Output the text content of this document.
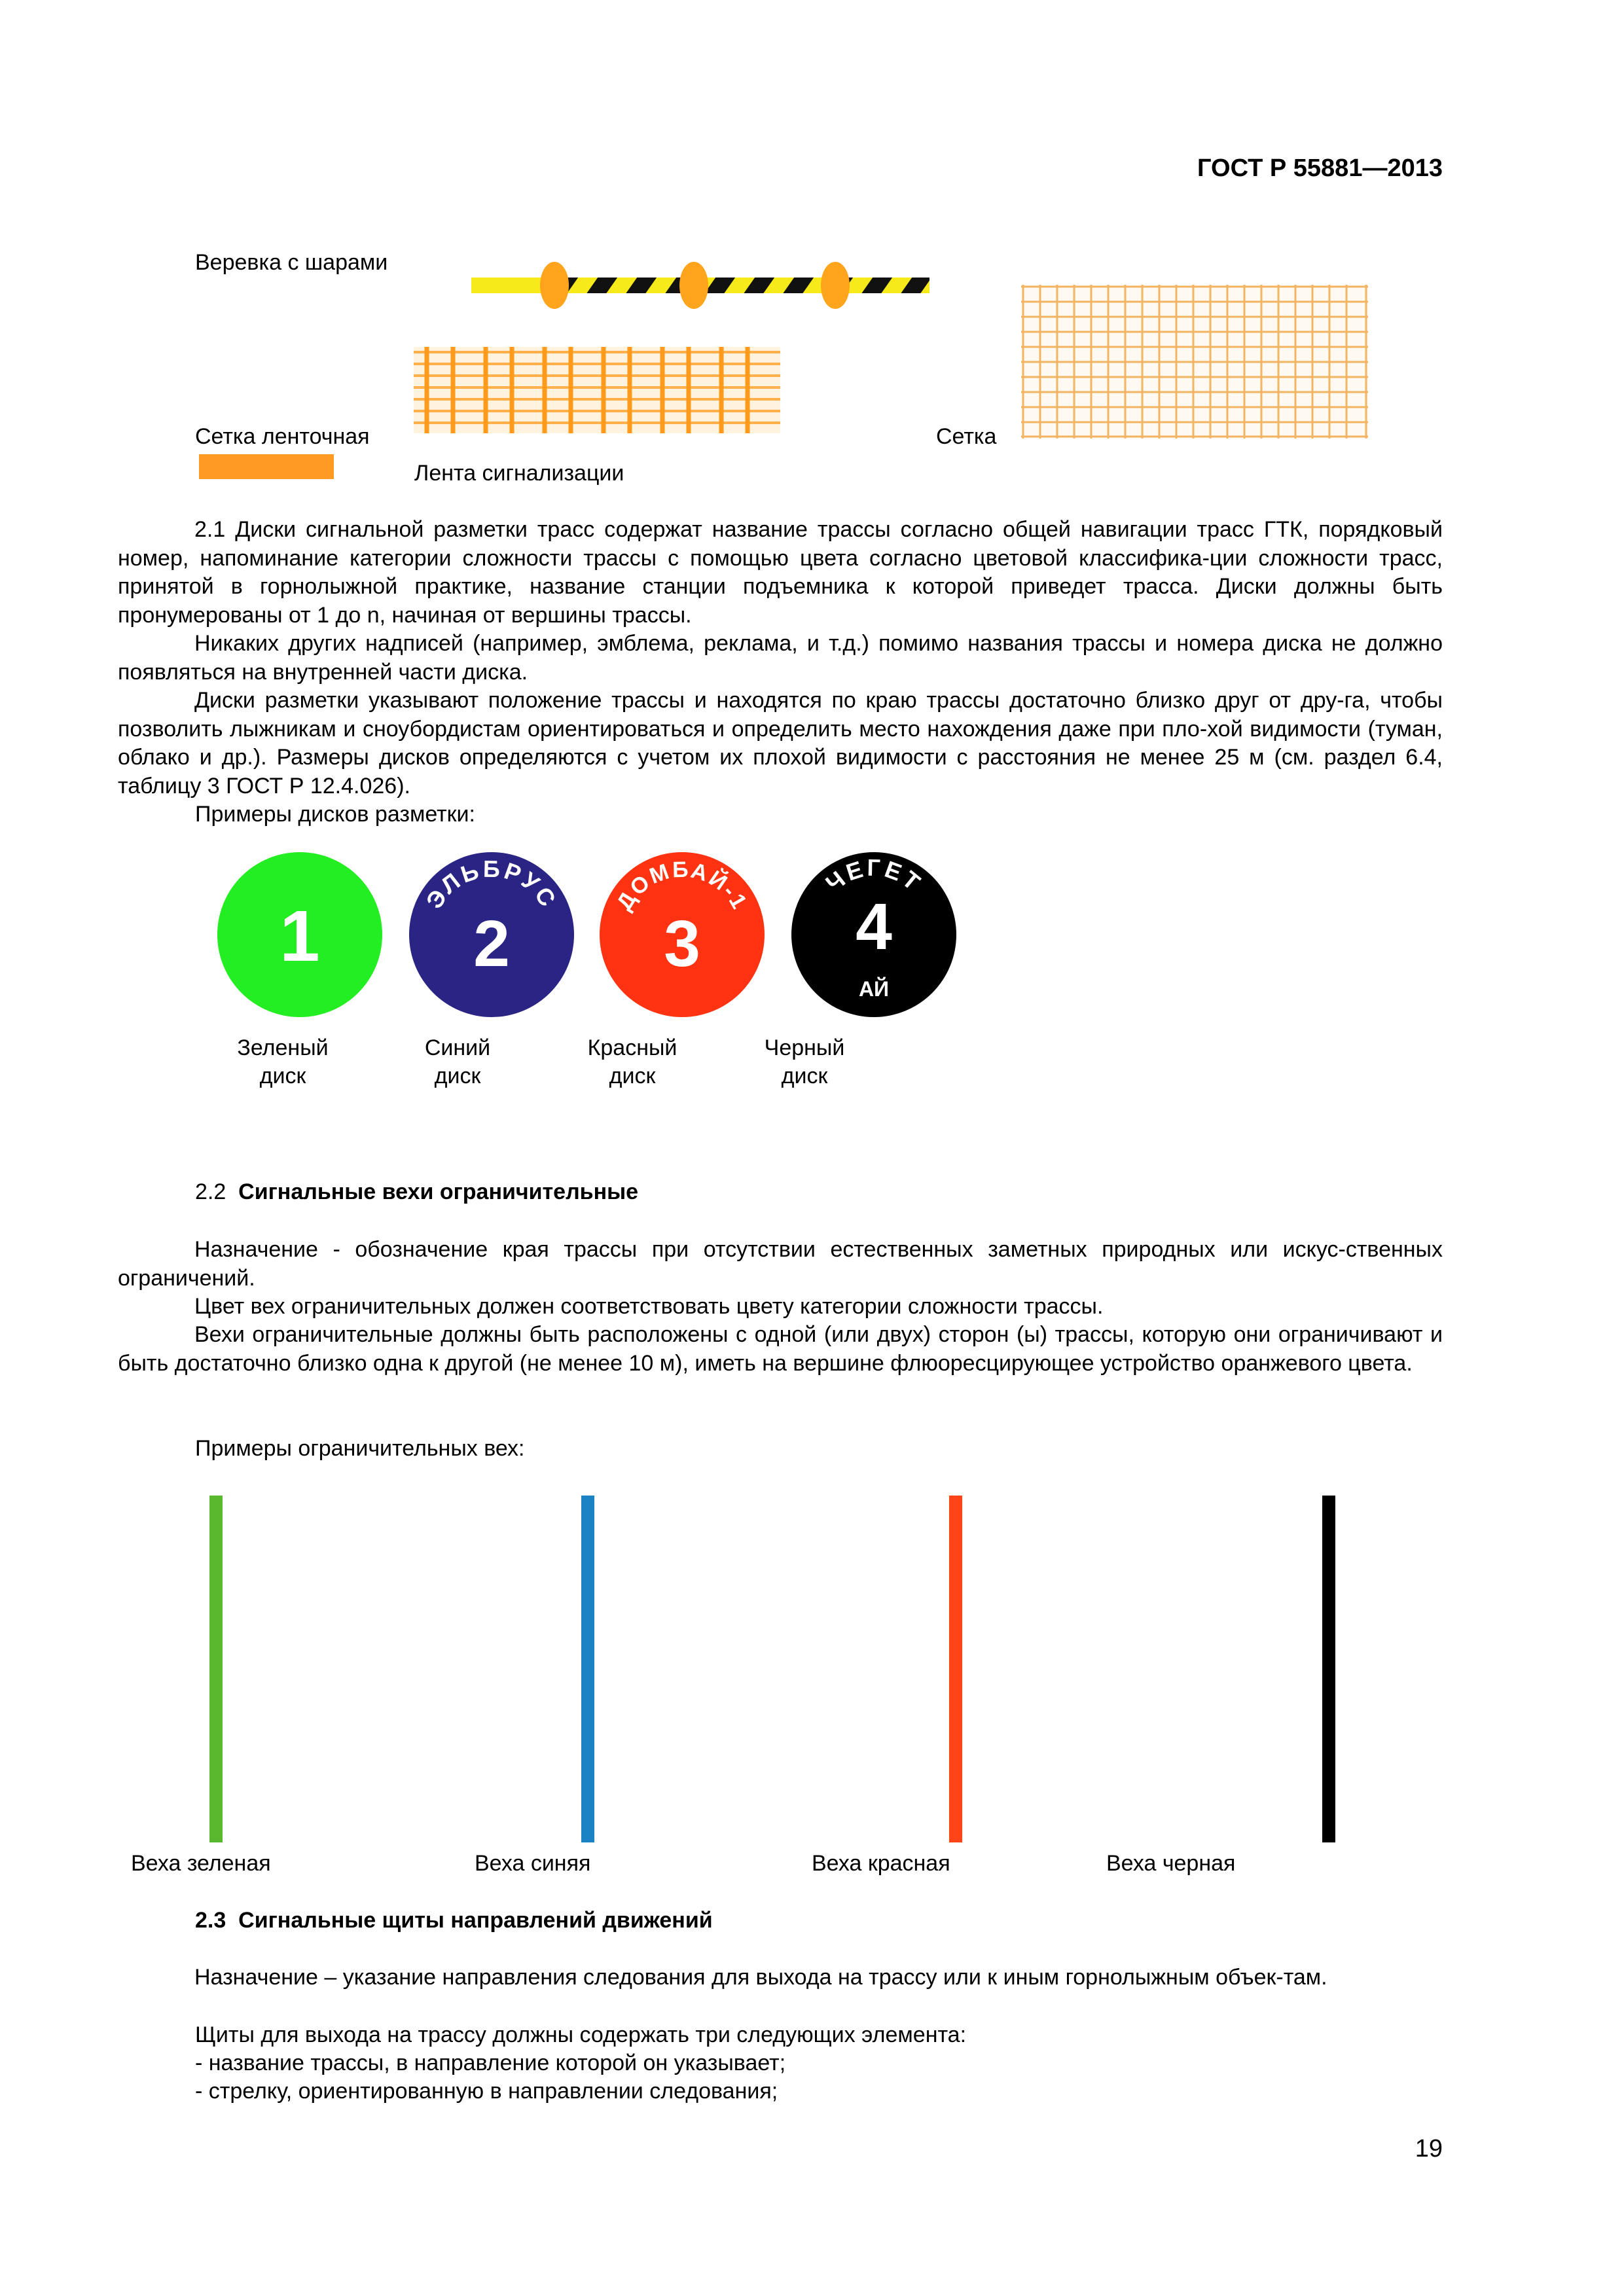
ГОСТ Р 55881—2013
Веревка с шарами
Сетка ленточная	Сетка
Лента сигнализации
2.1 Диски сигнальной разметки трасс содержат название трассы согласно общей навигации трасс ГТК, порядковый номер, напоминание категории сложности трассы с помощью цвета согласно цветовой классифика-ции сложности трасс, принятой в горнолыжной практике, название станции подъемника к которой приведет трасса. Диски должны быть пронумерованы от 1 до n, начиная от вершины трассы.
Никаких других надписей (например, эмблема, реклама, и т.д.) помимо названия трассы и номера диска не должно появляться на внутренней части диска.
Диски разметки указывают положение трассы и находятся по краю трассы достаточно близко друг от дру-га, чтобы позволить лыжникам и сноубордистам ориентироваться и определить место нахождения даже при пло-хой видимости (туман, облако и др.). Размеры дисков определяются с учетом их плохой видимости с расстояния не менее 25 м (см. раздел 6.4, таблицу 3 ГОСТ Р 12.4.026).
Примеры дисков разметки:
1	ЭЛЬБРУС
2
ДОМБАЙ-1
3
ЧЕГЕТ
4
АЙ
Зеленый
диск
Синий
диск
Красный
диск
Черный
диск
2.2 Сигнальные вехи ограничительные
Назначение - обозначение края трассы при отсутствии естественных заметных природных или искус-ственных ограничений.
Цвет вех ограничительных должен соответствовать цвету категории сложности трассы.
Вехи ограничительные должны быть расположены с одной (или двух) сторон (ы) трассы, которую они ограничивают и быть достаточно близко одна к другой (не менее 10 м), иметь на вершине флюоресцирующее устройство оранжевого цвета.
Примеры ограничительных вех:
Веха зеленая	Веха синяя	Веха красная	Веха черная
2.3 Сигнальные щиты направлений движений
Назначение – указание направления следования для выхода на трассу или к иным горнолыжным объек-там.
Щиты для выхода на трассу должны содержать три следующих элемента:
- название трассы, в направление которой он указывает;
- стрелку, ориентированную в направлении следования;
19
